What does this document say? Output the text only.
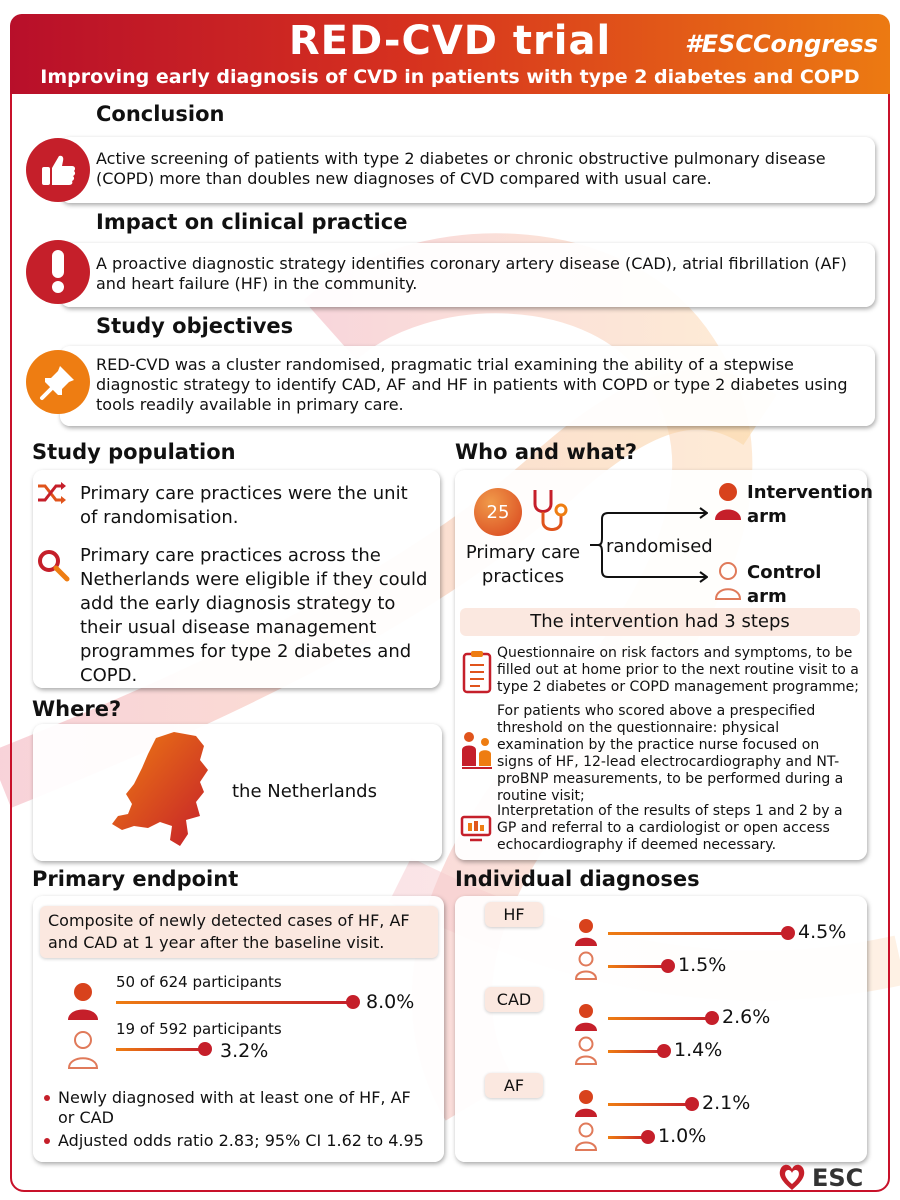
RED-CVD trial	#ESCCongress
Improving early diagnosis of CVD in patients with type 2 diabetes and COPD
Conclusion

Active screening of patients with type 2 diabetes or chronic obstructive pulmonary disease (COPD) more than doubles new diagnoses of CVD compared with usual care.

Impact on clinical practice

A proactive diagnostic strategy identifies coronary artery disease (CAD), atrial fibrillation (AF) and heart failure (HF) in the community.

Study objectives

RED-CVD was a cluster randomised, pragmatic trial examining the ability of a stepwise diagnostic strategy to identify CAD, AF and HF in patients with COPD or type 2 diabetes using tools readily available in primary care.

Study population
Primary care practices were the unit of randomisation.
Primary care practices across the Netherlands were eligible if they could add the early diagnosis strategy to their usual disease management programmes for type 2 diabetes and COPD.
Where?
the Netherlands
Who and what?
25
Primary care practices
randomised
Intervention arm
Control arm
The intervention had 3 steps
Questionnaire on risk factors and symptoms, to be filled out at home prior to the next routine visit to a type 2 diabetes or COPD management programme;
For patients who scored above a prespecified threshold on the questionnaire: physical examination by the practice nurse focused on signs of HF, 12-lead electrocardiography and NT-proBNP measurements, to be performed during a routine visit;
Interpretation of the results of steps 1 and 2 by a GP and referral to a cardiologist or open access echocardiography if deemed necessary.
Primary endpoint

Composite of newly detected cases of HF, AF and CAD at 1 year after the baseline visit.

50 of 624 participants
8.0%
19 of 592 participants
3.2%
Newly diagnosed with at least one of HF, AF or CAD
Adjusted odds ratio 2.83; 95% CI 1.62 to 4.95
Individual diagnoses
HF
4.5%
1.5%
CAD
2.6%
1.4%
AF
2.1%
1.0%
ESC
